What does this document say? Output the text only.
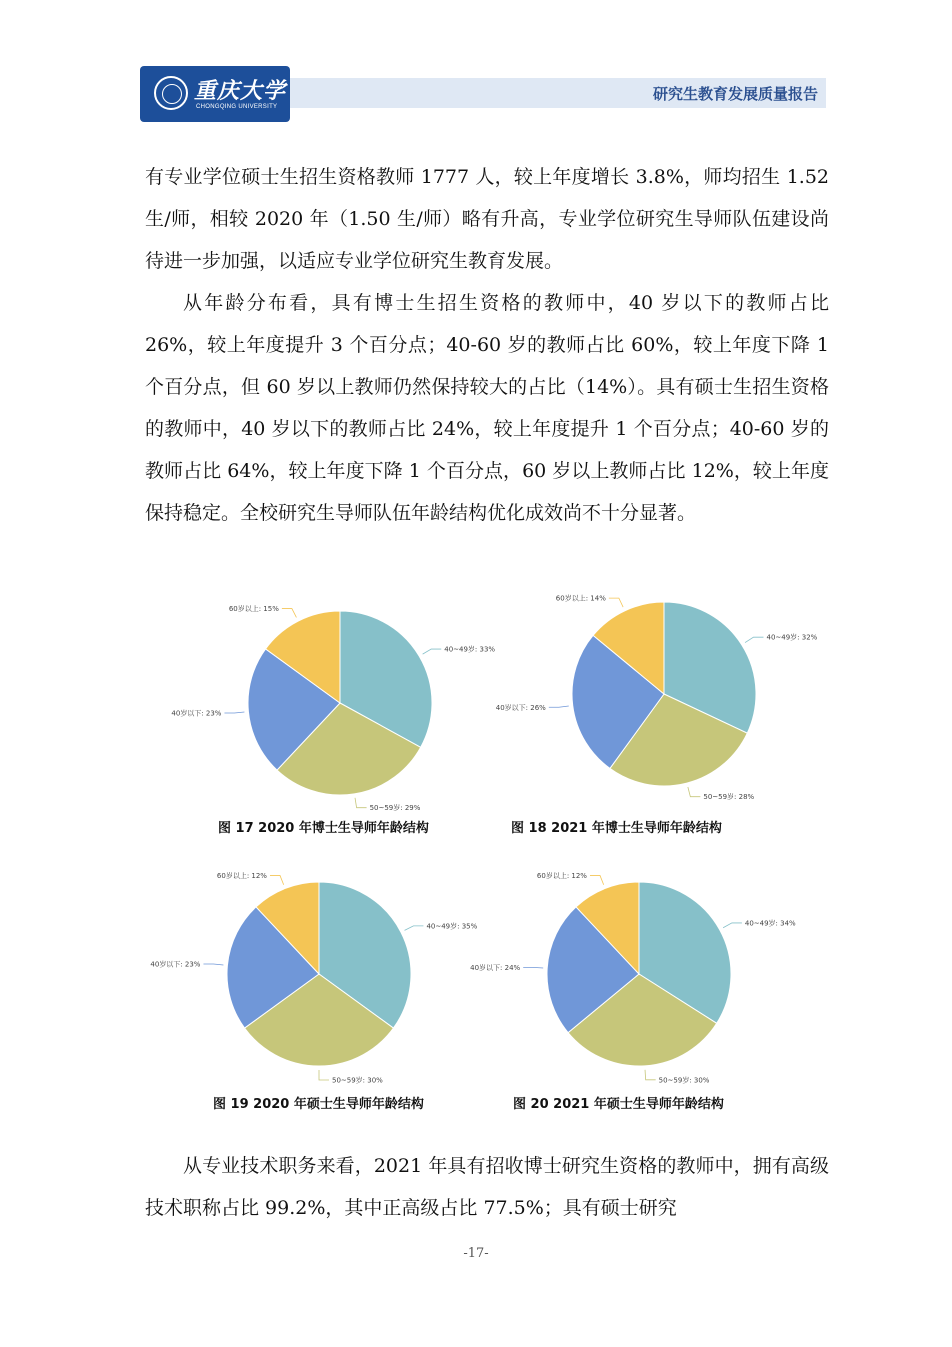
重庆大学
CHONGQING UNIVERSITY
研究生教育发展质量报告

有专业学位硕士生招生资格教师 1777 人，较上年度增长 3.8%，师均招生 1.52 生/师，相较 2020 年（1.50 生/师）略有升高，专业学位研究生导师队伍建设尚待进一步加强，以适应专业学位研究生教育发展。

从年龄分布看，具有博士生招生资格的教师中，40 岁以下的教师占比 26%，较上年度提升 3 个百分点；40-60 岁的教师占比 60%，较上年度下降 1 个百分点，但 60 岁以上教师仍然保持较大的占比（14%）。具有硕士生招生资格的教师中，40 岁以下的教师占比 24%，较上年度提升 1 个百分点；40-60 岁的教师占比 64%，较上年度下降 1 个百分点，60 岁以上教师占比 12%，较上年度保持稳定。全校研究生导师队伍年龄结构优化成效尚不十分显著。

从专业技术职务来看，2021 年具有招收博士研究生资格的教师中，拥有高级技术职称占比 99.2%，其中正高级占比 77.5%；具有硕士研究

40~49岁: 33%
50~59岁: 29%
40岁以下: 23%
60岁以上: 15%
图 17 2020 年博士生导师年龄结构
40~49岁: 32%
50~59岁: 28%
40岁以下: 26%
60岁以上: 14%
图 18 2021 年博士生导师年龄结构
40~49岁: 35%
50~59岁: 30%
40岁以下: 23%
60岁以上: 12%
图 19 2020 年硕士生导师年龄结构
40~49岁: 34%
50~59岁: 30%
40岁以下: 24%
60岁以上: 12%
图 20 2021 年硕士生导师年龄结构
-17-
